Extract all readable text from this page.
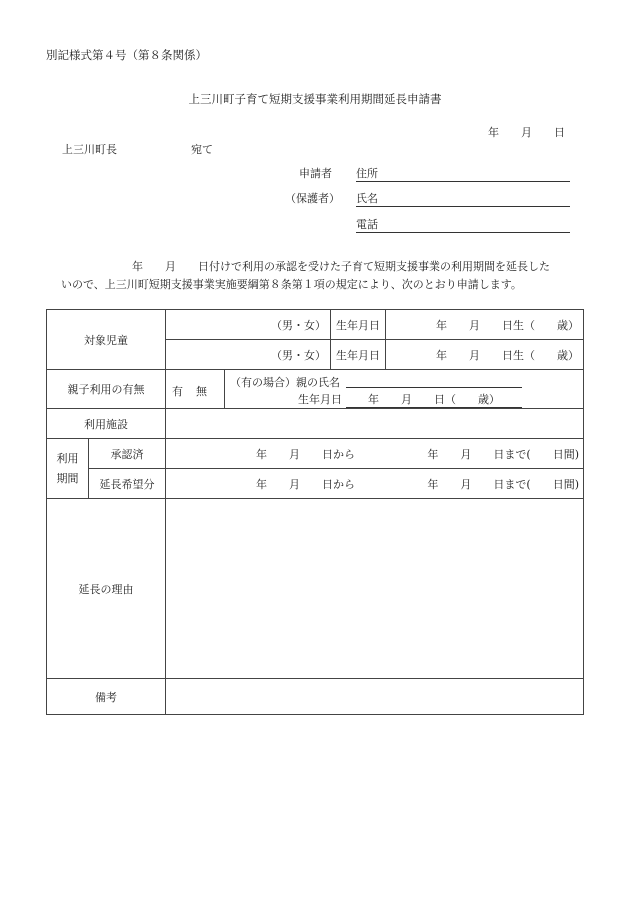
別記様式第４号（第８条関係）
上三川町子育て短期支援事業利用期間延長申請書
年　　月　　日
上三川町長	宛て
申請者 住所
（保護者） 氏名
電話
年　　月　　日付けで利用の承認を受けた子育て短期支援事業の利用期間を延長した
いので、上三川町短期支援事業実施要綱第８条第１項の規定により、次のとおり申請します。
対象児童		（男・女）	生年月日	年　　月　　日生（　　歳）
		（男・女）	生年月日	年　　月　　日生（　　歳）
親子利用の有無		有 無
（有の場合）親の氏名
生年月日 年　　月　　日（　　歳）		

利用施設				
利用
期間	承認済	年　　月　　日から 年　　月　　日まで(　　日間)		

	延長希望分	年　　月　　日から 年　　月　　日まで(　　日間)		

延長の理由				
備考				
